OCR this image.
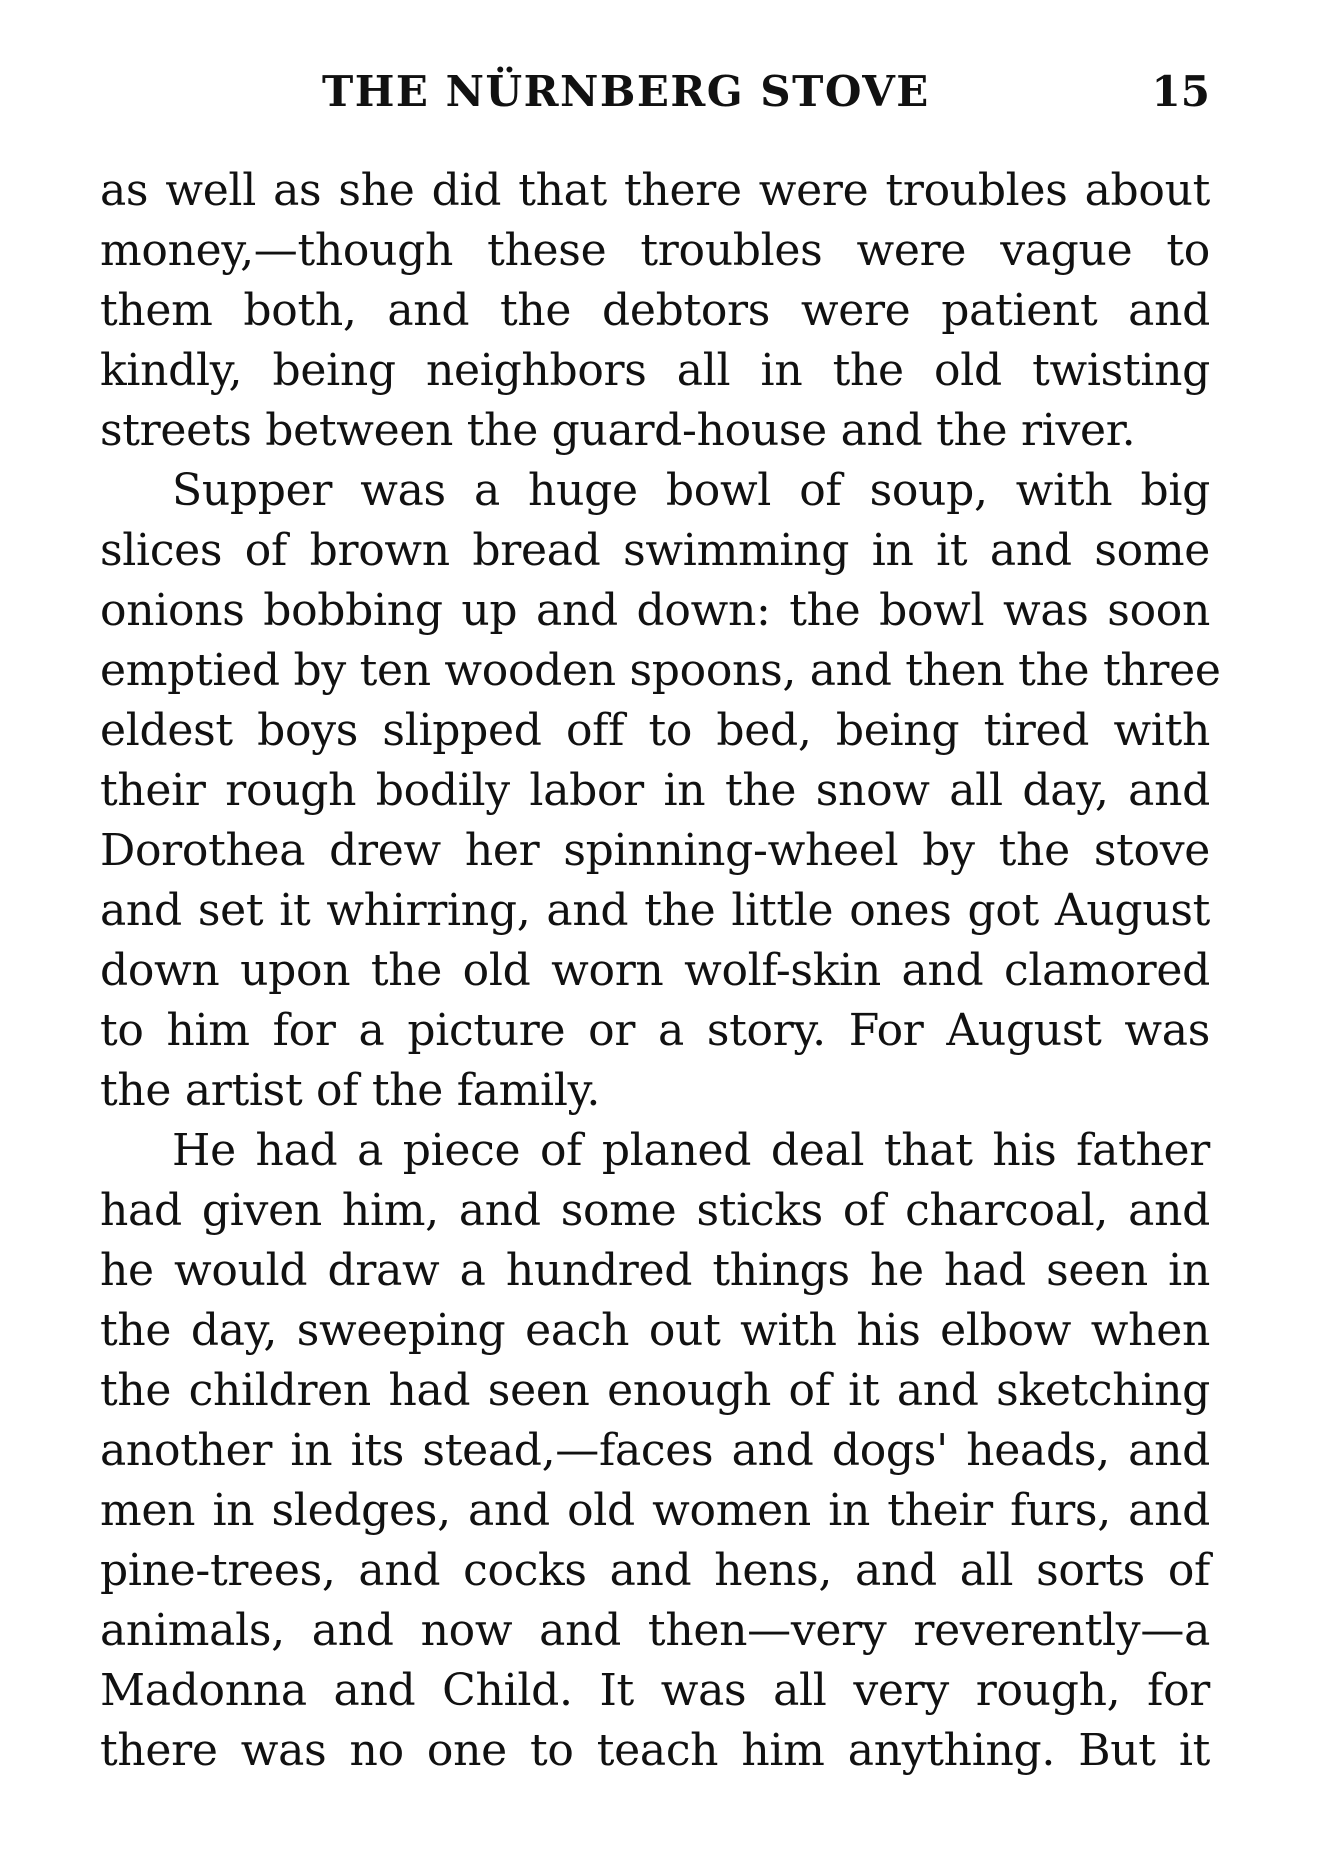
THE NÜRNBERG STOVE	15
as well as she did that there were troubles about
money,—though these troubles were vague to
them both, and the debtors were patient and
kindly, being neighbors all in the old twisting
streets between the guard-house and the river.
Supper was a huge bowl of soup, with big
slices of brown bread swimming in it and some
onions bobbing up and down: the bowl was soon
emptied by ten wooden spoons, and then the three
eldest boys slipped off to bed, being tired with
their rough bodily labor in the snow all day, and
Dorothea drew her spinning-wheel by the stove
and set it whirring, and the little ones got August
down upon the old worn wolf-skin and clamored
to him for a picture or a story. For August was
the artist of the family.
He had a piece of planed deal that his father
had given him, and some sticks of charcoal, and
he would draw a hundred things he had seen in
the day, sweeping each out with his elbow when
the children had seen enough of it and sketching
another in its stead,—faces and dogs' heads, and
men in sledges, and old women in their furs, and
pine-trees, and cocks and hens, and all sorts of
animals, and now and then—very reverently—a
Madonna and Child. It was all very rough, for
there was no one to teach him anything. But it
